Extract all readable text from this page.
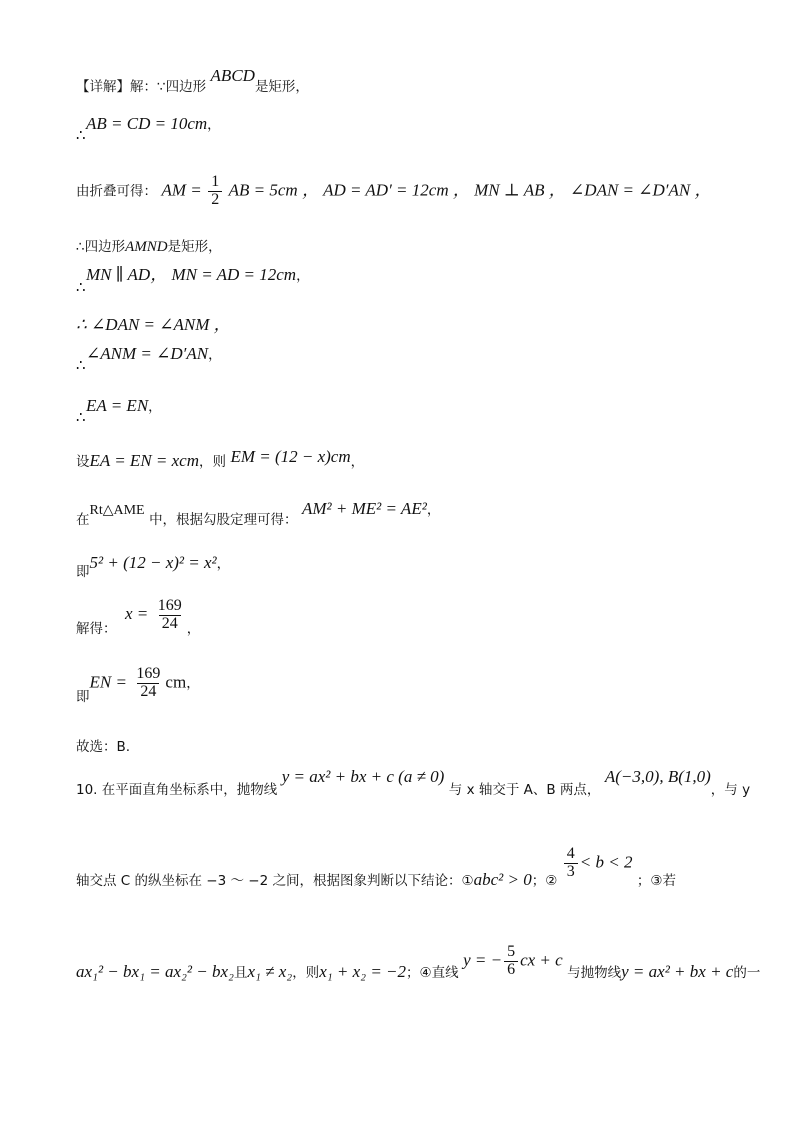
【详解】解：∵四边形 ABCD是矩形，
AB = CD = 10cm，
∴
由折叠可得： AM = $\frac{1}{2}$ AB = 5cm ， AD = AD′ = 12cm ， MN ⊥ AB ， ∠DAN = ∠D′AN ，
∴四边形AMND是矩形，
MN ∥ AD， MN = AD = 12cm，
∴
∴ ∠DAN = ∠ANM ，
∠ANM = ∠D′AN，
∴
EA = EN，
∴
设EA = EN = xcm，则 EM = (12 − x)cm，
在Rt△AME 中，根据勾股定理可得： AM² + ME² = AE²，
即5² + (12 − x)² = x²，
解得： $x = \frac{169}{24}$ ，
即EN = $\frac{169}{24}$ cm，
故选：B.
10. 在平面直角坐标系中，抛物线 y = ax² + bx + c (a ≠ 0) 与 x 轴交于 A、B 两点， A(−3,0), B(1,0)，与 y
轴交点 C 的纵坐标在 −3 ～ −2 之间，根据图象判断以下结论：①abc² > 0；②
$\frac{4}{3} < b < 2$ ；③若
ax₁² − bx₁ = ax₂² − bx₂且x₁ ≠ x₂，则x₁ + x₂ = −2；④直线 y = − $\frac{5}{6}$ cx + c 与抛物线y = ax² + bx + c的一
